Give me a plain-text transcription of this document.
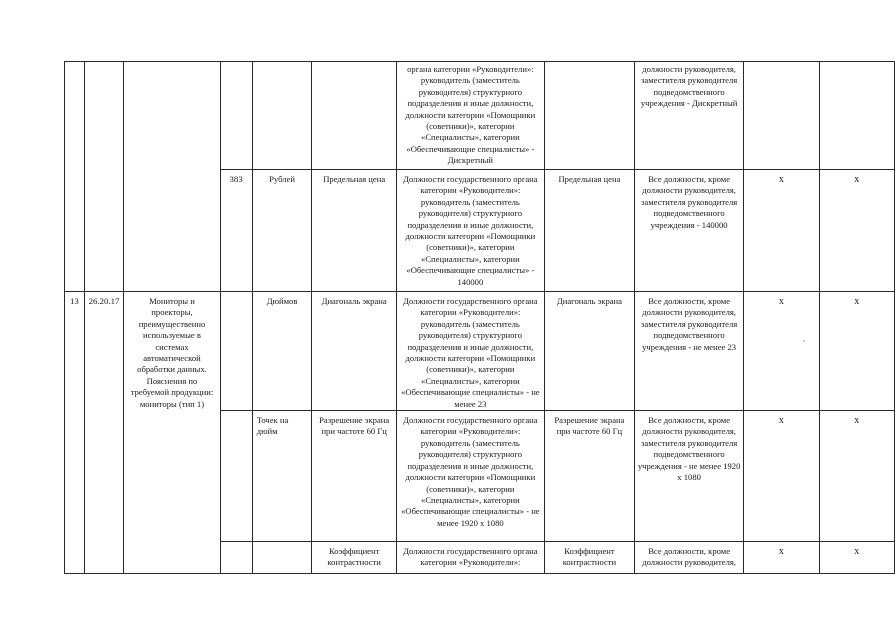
						органа категории «Руководители»: руководитель (заместитель руководителя) структурного подразделения и иные должности, должности категории «Помощники (советники)», категории «Специалисты», категории «Обеспечивающие специалисты» - Дискретный		должности руководителя, заместителя руководителя подведомственного учреждения - Дискретный		
			383	Рублей	Предельная цена	Должности государственного органа категории «Руководители»: руководитель (заместитель руководителя) структурного подразделения и иные должности, должности категории «Помощники (советники)», категории «Специалисты», категории «Обеспечивающие специалисты» - 140000	Предельная цена	Все должности, кроме должности руководителя, заместителя руководителя подведомственного учреждения - 140000	х	х
13	26.20.17	Мониторы и проекторы, преимущественно используемые в системах автоматической обработки данных. Пояснения по требуемой продукции: мониторы (тип 1)		Дюймов	Диагональ экрана	Должности государственного органа категории «Руководители»: руководитель (заместитель руководителя) структурного подразделения и иные должности, должности категории «Помощники (советники)», категории «Специалисты», категории «Обеспечивающие специалисты» - не менее 23	Диагональ экрана	Все должности, кроме должности руководителя, заместителя руководителя подведомственного учреждения - не менее 23	х	х
				Точек на дюйм	Разрешение экрана при частоте 60 Гц	Должности государственного органа категории «Руководители»: руководитель (заместитель руководителя) структурного подразделения и иные должности, должности категории «Помощники (советники)», категории «Специалисты», категории «Обеспечивающие специалисты» - не менее 1920 х 1080	Разрешение экрана при частоте 60 Гц	Все должности, кроме должности руководителя, заместителя руководителя подведомственного учреждения - не менее 1920 х 1080	х	х
					Коэффициент контрастности	Должности государственного органа категории «Руководители»:	Коэффициент контрастности	Все должности, кроме должности руководителя,	х	х
